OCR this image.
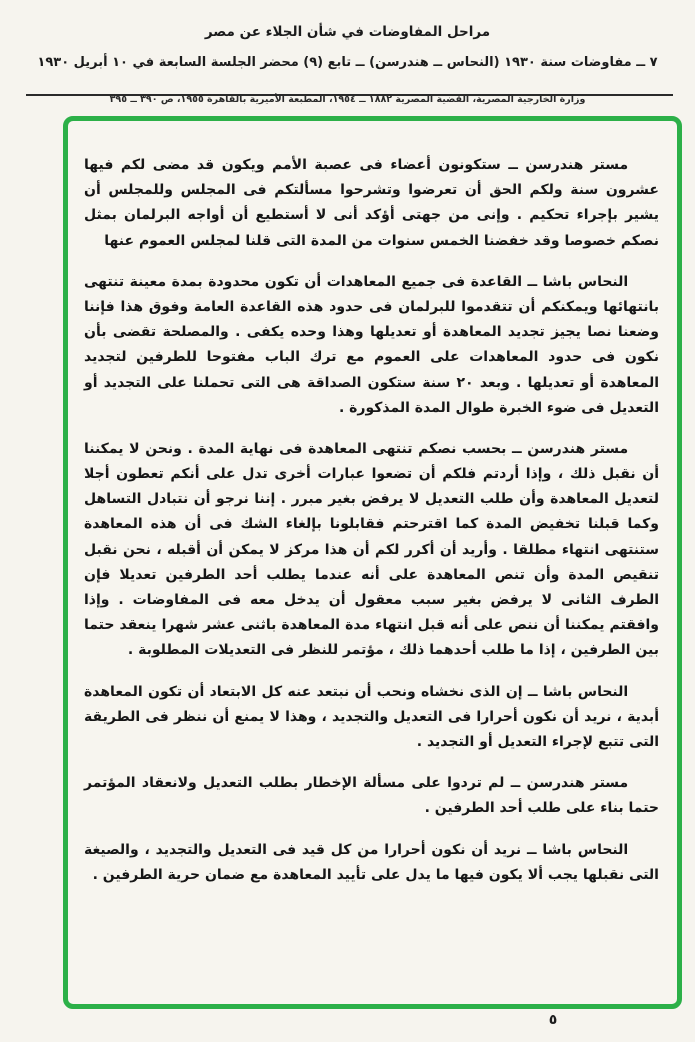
مراحل المفاوضات في شأن الجلاء عن مصر
٧ ــ مفاوضات سنة ١٩٣٠ (النحاس ــ هندرسن) ــ تابع (٩) محضر الجلسة السابعة في ١٠ أبريل ١٩٣٠
وزارة الخارجية المصرية، القضية المصرية ١٨٨٢ ــ ١٩٥٤، المطبعة الأميرية بالقاهرة ١٩٥٥، ص ٣٩٠ ــ ٣٩٥

مستر هندرسن ــ ستكونون أعضاء فى عصبة الأمم ويكون قد مضى لكم فيها عشرون سنة ولكم الحق أن تعرضوا وتشرحوا مسألتكم فى المجلس وللمجلس أن يشير بإجراء تحكيم . وإنى من جهتى أؤكد أنى لا أستطيع أن أواجه البرلمان بمثل نصكم خصوصا وقد خفضنا الخمس سنوات من المدة التى قلنا لمجلس العموم عنها

النحاس باشا ــ القاعدة فى جميع المعاهدات أن تكون محدودة بمدة معينة تنتهى بانتهائها ويمكنكم أن تتقدموا للبرلمان فى حدود هذه القاعدة العامة وفوق هذا فإننا وضعنا نصا يجيز تجديد المعاهدة أو تعديلها وهذا وحده يكفى . والمصلحة تقضى بأن نكون فى حدود المعاهدات على العموم مع ترك الباب مفتوحا للطرفين لتجديد المعاهدة أو تعديلها . وبعد ٢٠ سنة ستكون الصداقة هى التى تحملنا على التجديد أو التعديل فى ضوء الخبرة طوال المدة المذكورة .

مستر هندرسن ــ بحسب نصكم تنتهى المعاهدة فى نهاية المدة . ونحن لا يمكننا أن نقبل ذلك ، وإذا أردتم فلكم أن تضعوا عبارات أخرى تدل على أنكم تعطون أجلا لتعديل المعاهدة وأن طلب التعديل لا يرفض بغير مبرر . إننا نرجو أن نتبادل التساهل وكما قبلنا تخفيض المدة كما اقترحتم فقابلونا بإلغاء الشك فى أن هذه المعاهدة ستنتهى انتهاء مطلقا . وأريد أن أكرر لكم أن هذا مركز لا يمكن أن أقبله ، نحن نقبل تنقيص المدة وأن تنص المعاهدة على أنه عندما يطلب أحد الطرفين تعديلا فإن الطرف الثانى لا يرفض بغير سبب معقول أن يدخل معه فى المفاوضات . وإذا وافقتم يمكننا أن ننص على أنه قبل انتهاء مدة المعاهدة باثنى عشر شهرا ينعقد حتما بين الطرفين ، إذا ما طلب أحدهما ذلك ، مؤتمر للنظر فى التعديلات المطلوبة .

النحاس باشا ــ إن الذى نخشاه ونحب أن نبتعد عنه كل الابتعاد أن تكون المعاهدة أبدية ، نريد أن نكون أحرارا فى التعديل والتجديد ، وهذا لا يمنع أن ننظر فى الطريقة التى تتبع لإجراء التعديل أو التجديد .

مستر هندرسن ــ لم تردوا على مسألة الإخطار بطلب التعديل ولانعقاد المؤتمر حتما بناء على طلب أحد الطرفين .

النحاس باشا ــ نريد أن نكون أحرارا من كل قيد فى التعديل والتجديد ، والصيغة التى نقبلها يجب ألا يكون فيها ما يدل على تأييد المعاهدة مع ضمان حرية الطرفين .

٥
